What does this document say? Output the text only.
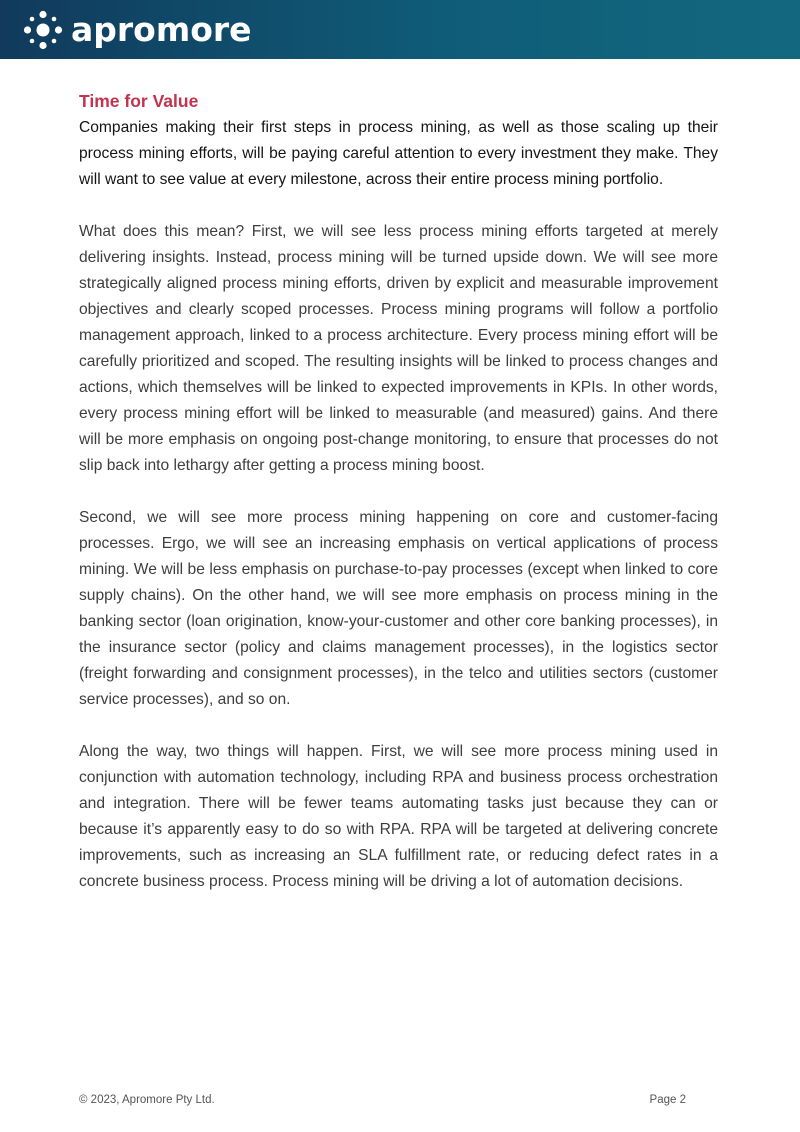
apromore
Time for Value

Companies making their first steps in process mining, as well as those scaling up their process mining efforts, will be paying careful attention to every investment they make. They will want to see value at every milestone, across their entire process mining portfolio.

What does this mean? First, we will see less process mining efforts targeted at merely delivering insights. Instead, process mining will be turned upside down. We will see more strategically aligned process mining efforts, driven by explicit and measurable improvement objectives and clearly scoped processes. Process mining programs will follow a portfolio management approach, linked to a process architecture. Every process mining effort will be carefully prioritized and scoped. The resulting insights will be linked to process changes and actions, which themselves will be linked to expected improvements in KPIs. In other words, every process mining effort will be linked to measurable (and measured) gains. And there will be more emphasis on ongoing post-change monitoring, to ensure that processes do not slip back into lethargy after getting a process mining boost.

Second, we will see more process mining happening on core and customer-facing processes. Ergo, we will see an increasing emphasis on vertical applications of process mining. We will be less emphasis on purchase-to-pay processes (except when linked to core supply chains). On the other hand, we will see more emphasis on process mining in the banking sector (loan origination, know-your-customer and other core banking processes), in the insurance sector (policy and claims management processes), in the logistics sector (freight forwarding and consignment processes), in the telco and utilities sectors (customer service processes), and so on.

Along the way, two things will happen. First, we will see more process mining used in conjunction with automation technology, including RPA and business process orchestration and integration. There will be fewer teams automating tasks just because they can or because it’s apparently easy to do so with RPA. RPA will be targeted at delivering concrete improvements, such as increasing an SLA fulfillment rate, or reducing defect rates in a concrete business process. Process mining will be driving a lot of automation decisions.

© 2023, Apromore Pty Ltd.	Page 2
